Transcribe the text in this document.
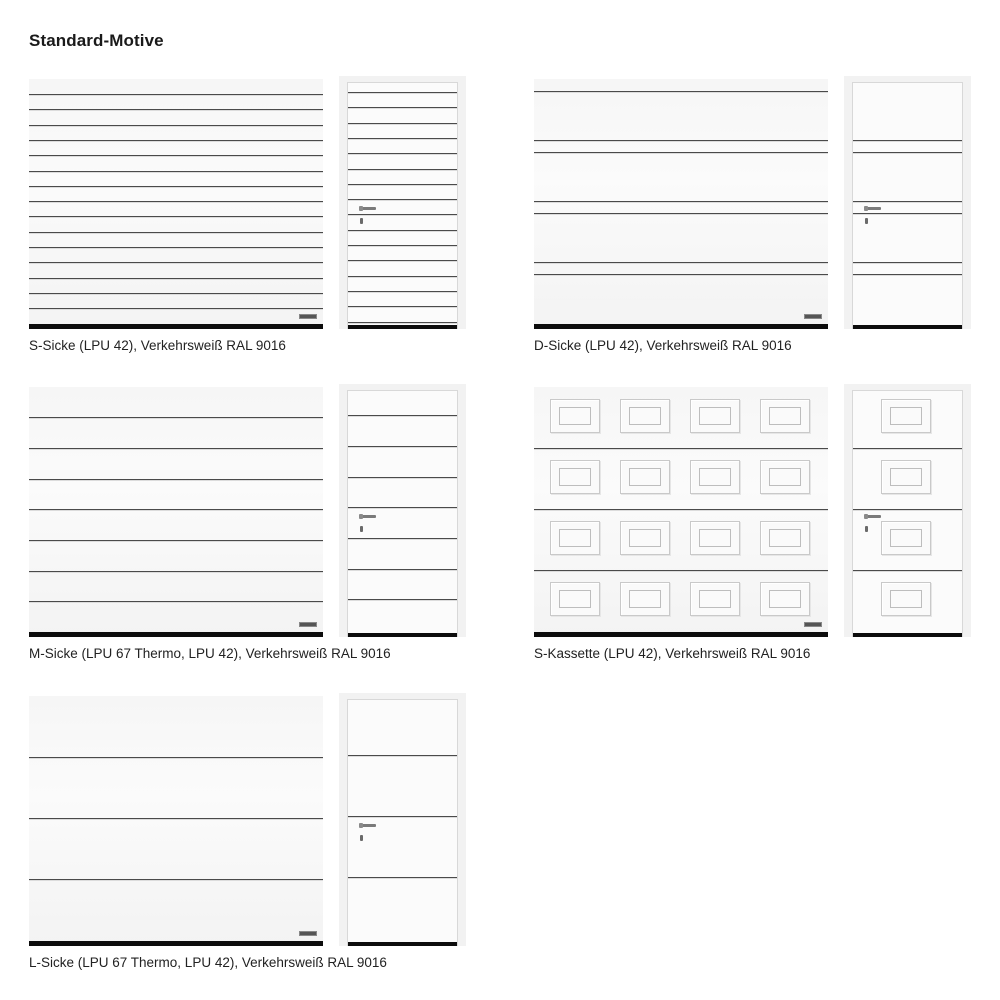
Standard-Motive
S-Sicke (LPU 42), Verkehrsweiß RAL 9016	D-Sicke (LPU 42), Verkehrsweiß RAL 9016
M-Sicke (LPU 67 Thermo, LPU 42), Verkehrsweiß RAL 9016	S-Kassette (LPU 42), Verkehrsweiß RAL 9016
L-Sicke (LPU 67 Thermo, LPU 42), Verkehrsweiß RAL 9016
